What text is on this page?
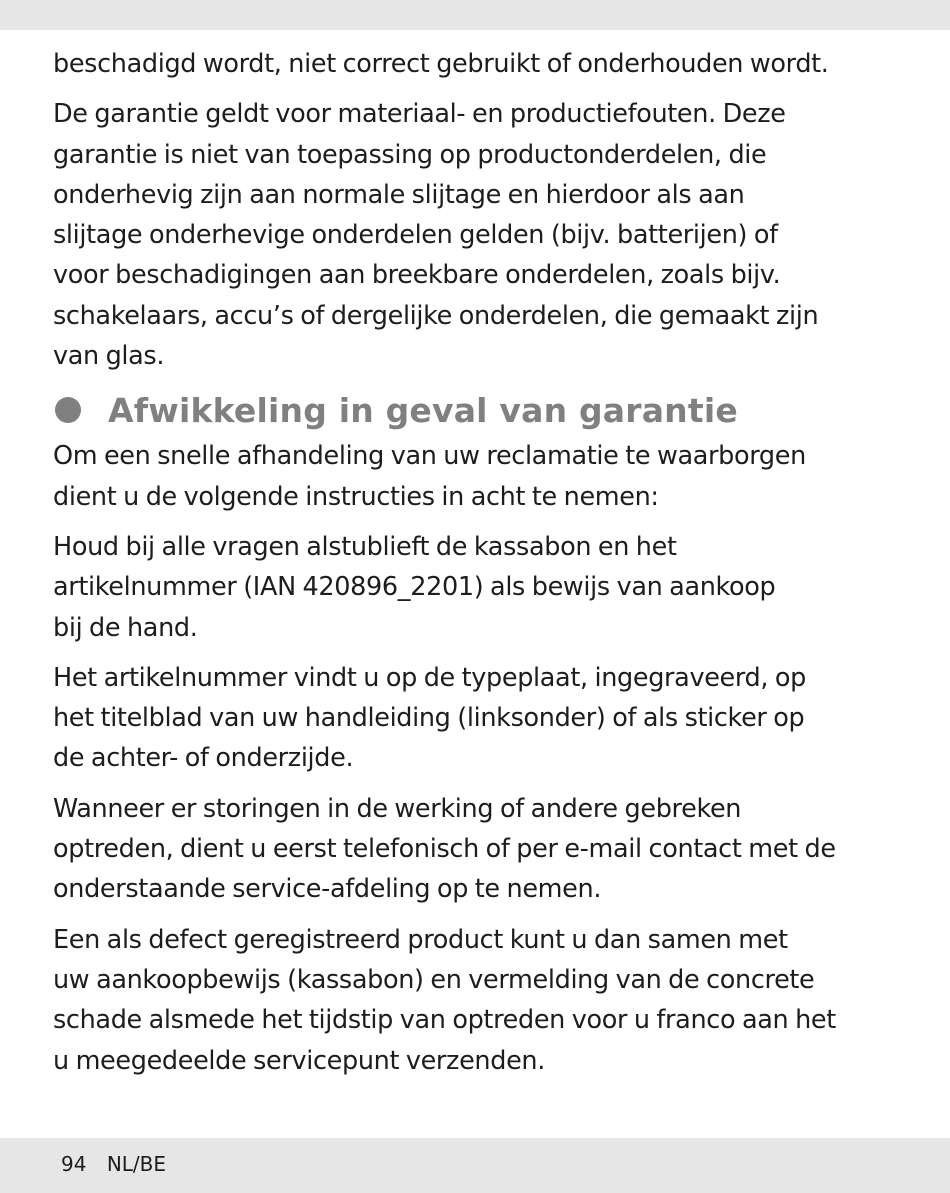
beschadigd wordt, niet correct gebruikt of onderhouden wordt.

De garantie geldt voor materiaal- en productiefouten. Deze
garantie is niet van toepassing op productonderdelen, die
onderhevig zijn aan normale slijtage en hierdoor als aan
slijtage onderhevige onderdelen gelden (bijv. batterijen) of
voor beschadigingen aan breekbare onderdelen, zoals bijv.
schakelaars, accu’s of dergelijke onderdelen, die gemaakt zijn
van glas.

Afwikkeling in geval van garantie

Om een snelle afhandeling van uw reclamatie te waarborgen
dient u de volgende instructies in acht te nemen:

Houd bij alle vragen alstublieft de kassabon en het
artikelnummer (IAN 420896_2201) als bewijs van aankoop
bij de hand.

Het artikelnummer vindt u op de typeplaat, ingegraveerd, op
het titelblad van uw handleiding (linksonder) of als sticker op
de achter- of onderzijde.

Wanneer er storingen in de werking of andere gebreken
optreden, dient u eerst telefonisch of per e-mail contact met de
onderstaande service-afdeling op te nemen.

Een als defect geregistreerd product kunt u dan samen met
uw aankoopbewijs (kassabon) en vermelding van de concrete
schade alsmede het tijdstip van optreden voor u franco aan het
u meegedeelde servicepunt verzenden.

94 NL/BE
